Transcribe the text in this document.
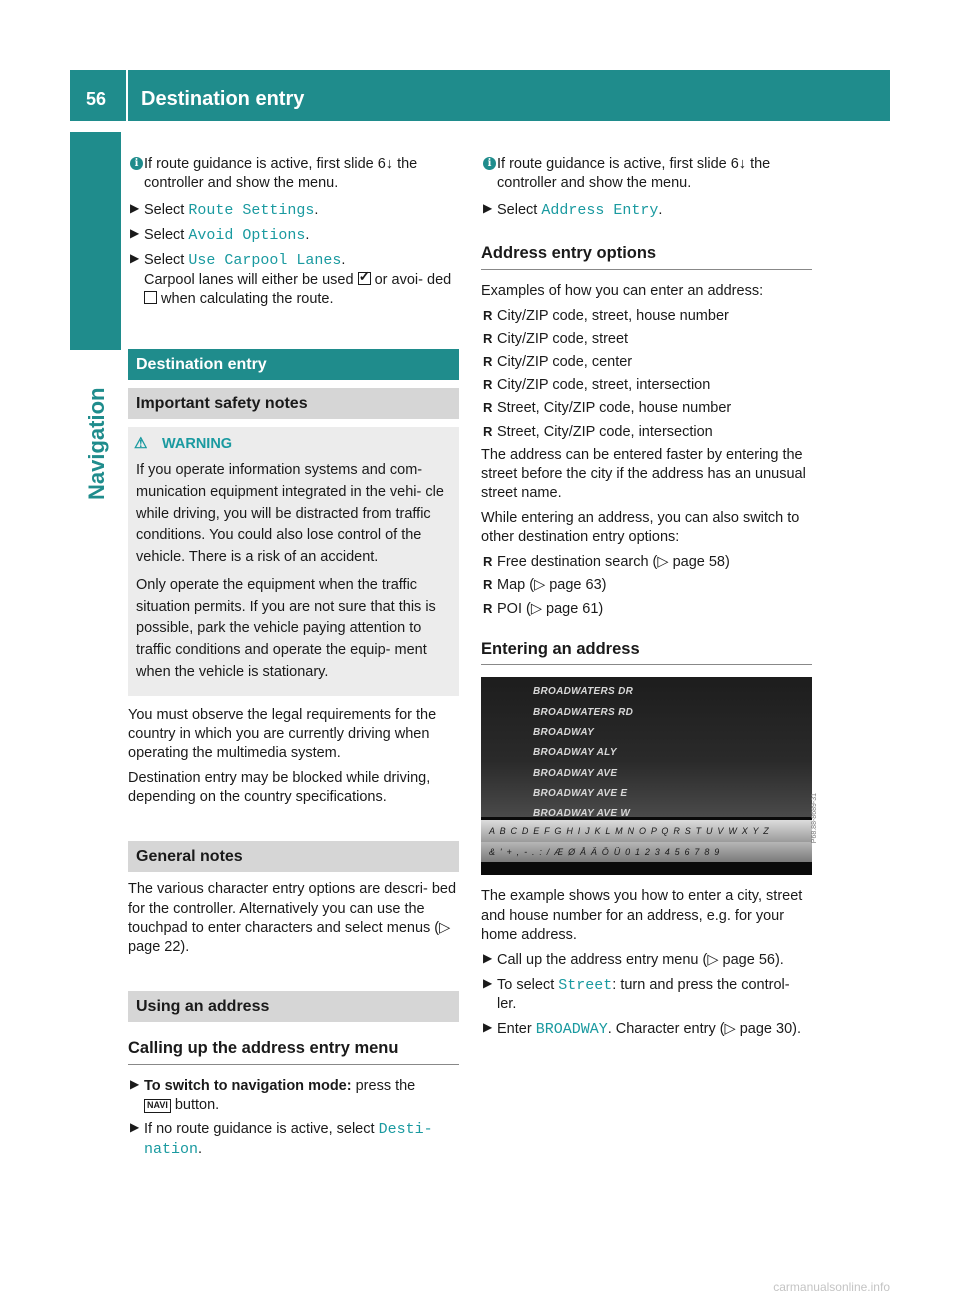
56 Destination entry
Navigation
i If route guidance is active, first slide 6↓ the controller and show the menu.
▶ Select Route Settings.
▶ Select Avoid Options.
▶ Select Use Carpool Lanes.

Carpool lanes will either be used ✓ or avoi- ded  when calculating the route.

Destination entry
Important safety notes
⚠ WARNING

If you operate information systems and com- munication equipment integrated in the vehi- cle while driving, you will be distracted from traffic conditions. You could also lose control of the vehicle. There is a risk of an accident.

Only operate the equipment when the traffic situation permits. If you are not sure that this is possible, park the vehicle paying attention to traffic conditions and operate the equip- ment when the vehicle is stationary.

You must observe the legal requirements for the country in which you are currently driving when operating the multimedia system.

Destination entry may be blocked while driving, depending on the country specifications.

General notes

The various character entry options are descri- bed for the controller. Alternatively you can use the touchpad to enter characters and select menus (▷ page 22).

Using an address
Calling up the address entry menu
▶ To switch to navigation mode: press the
NAVI button.
▶ If no route guidance is active, select Desti‐ nation.
i If route guidance is active, first slide 6↓ the controller and show the menu.
▶ Select Address Entry.
Address entry options

Examples of how you can enter an address:

R City/ZIP code, street, house number
R City/ZIP code, street
R City/ZIP code, center
R City/ZIP code, street, intersection
R Street, City/ZIP code, house number
R Street, City/ZIP code, intersection

The address can be entered faster by entering the street before the city if the address has an unusual street name.

While entering an address, you can also switch to other destination entry options:

R Free destination search (▷ page 58)
R Map (▷ page 63)
R POI (▷ page 61)
Entering an address
BROADWATERS DR
BROADWATERS RD
BROADWAY
BROADWAY ALY
BROADWAY AVE
BROADWAY AVE E
BROADWAY AVE W
A B C D E F G H I J K L M N O P Q R S T U V W X Y Z
& ' + , - . : / Æ Ø Å Ä Ö Ü 0 1 2 3 4 5 6 7 8 9
P68.88-8689-31

The example shows you how to enter a city, street and house number for an address, e.g. for your home address.

▶ Call up the address entry menu (▷ page 56).
▶ To select Street: turn and press the control- ler.
▶ Enter BROADWAY. Character entry (▷ page 30).
carmanualsonline.info
